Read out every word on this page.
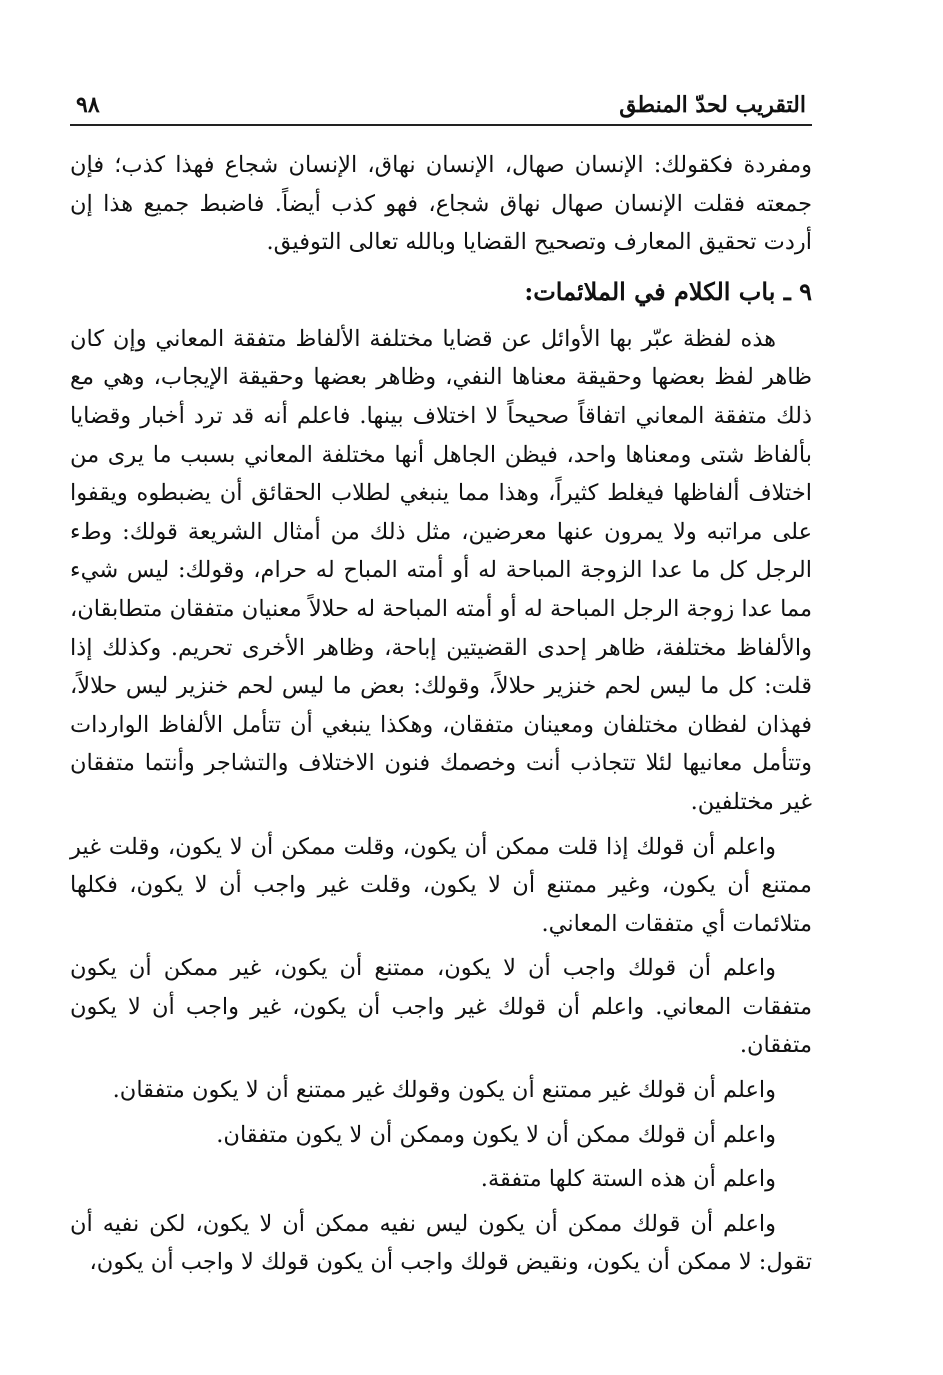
التقريب لحدّ المنطق
٩٨

ومفردة فكقولك: الإنسان صهال، الإنسان نهاق، الإنسان شجاع فهذا كذب؛ فإن جمعته فقلت الإنسان صهال نهاق شجاع، فهو كذب أيضاً. فاضبط جميع هذا إن أردت تحقيق المعارف وتصحيح القضايا وبالله تعالى التوفيق.

٩ ـ باب الكلام في الملائمات:

هذه لفظة عبّر بها الأوائل عن قضايا مختلفة الألفاظ متفقة المعاني وإن كان ظاهر لفظ بعضها وحقيقة معناها النفي، وظاهر بعضها وحقيقة الإيجاب، وهي مع ذلك متفقة المعاني اتفاقاً صحيحاً لا اختلاف بينها. فاعلم أنه قد ترد أخبار وقضايا بألفاظ شتى ومعناها واحد، فيظن الجاهل أنها مختلفة المعاني بسبب ما يرى من اختلاف ألفاظها فيغلط كثيراً، وهذا مما ينبغي لطلاب الحقائق أن يضبطوه ويقفوا على مراتبه ولا يمرون عنها معرضين، مثل ذلك من أمثال الشريعة قولك: وطء الرجل كل ما عدا الزوجة المباحة له أو أمته المباح له حرام، وقولك: ليس شيء مما عدا زوجة الرجل المباحة له أو أمته المباحة له حلالاً معنيان متفقان متطابقان، والألفاظ مختلفة، ظاهر إحدى القضيتين إباحة، وظاهر الأخرى تحريم. وكذلك إذا قلت: كل ما ليس لحم خنزير حلالاً، وقولك: بعض ما ليس لحم خنزير ليس حلالاً، فهذان لفظان مختلفان ومعينان متفقان، وهكذا ينبغي أن تتأمل الألفاظ الواردات وتتأمل معانيها لئلا تتجاذب أنت وخصمك فنون الاختلاف والتشاجر وأنتما متفقان غير مختلفين.

واعلم أن قولك إذا قلت ممكن أن يكون، وقلت ممكن أن لا يكون، وقلت غير ممتنع أن يكون، وغير ممتنع أن لا يكون، وقلت غير واجب أن لا يكون، فكلها متلائمات أي متفقات المعاني.

واعلم أن قولك واجب أن لا يكون، ممتنع أن يكون، غير ممكن أن يكون متفقات المعاني. واعلم أن قولك غير واجب أن يكون، غير واجب أن لا يكون متفقان.

واعلم أن قولك غير ممتنع أن يكون وقولك غير ممتنع أن لا يكون متفقان.

واعلم أن قولك ممكن أن لا يكون وممكن أن لا يكون متفقان.

واعلم أن هذه الستة كلها متفقة.

واعلم أن قولك ممكن أن يكون ليس نفيه ممكن أن لا يكون، لكن نفيه أن تقول: لا ممكن أن يكون، ونقيض قولك واجب أن يكون قولك لا واجب أن يكون،
